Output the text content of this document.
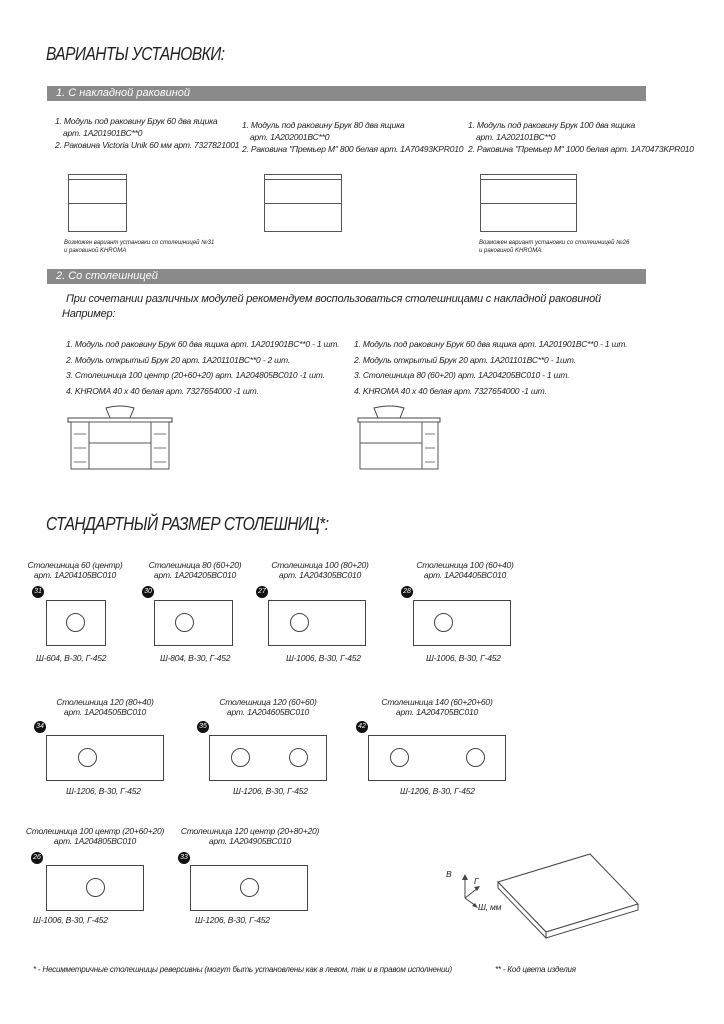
ВАРИАНТЫ УСТАНОВКИ:
1. С накладной раковиной
1. Модуль под раковину Брук 60 два ящика
арт. 1А201901ВС**0
2. Раковина Victoria Unik 60 мм арт. 7327821001
1. Модуль под раковину Брук 80 два ящика
арт. 1А202001ВС**0
2. Раковина "Премьер М" 800 белая арт. 1А70493KPR010
1. Модуль под раковину Брук 100 два ящика
арт. 1А202101ВС**0
2. Раковина "Премьер М" 1000 белая арт. 1А70473KPR010
Возможен вариант установки со столешницей №31
и раковиной KHROMA
Возможен вариант установки со столешницей №26
и раковиной KHROMA.
2. Со столешницей
При сочетании различных модулей рекомендуем воспользоваться столешницами с накладной раковиной
Например:
1. Модуль под раковину Брук 60 два ящика арт. 1А201901ВС**0 - 1 шт.
2. Модуль открытый Брук 20 арт. 1А201101ВС**0 - 2 шт.
3. Столешница 100 центр (20+60+20) арт. 1А204805ВС010 -1 шт.
4. KHROMA 40 х 40 белая арт. 7327654000 -1 шт.
1. Модуль под раковину Брук 60 два ящика арт. 1А201901ВС**0 - 1 шт.
2. Модуль открытый Брук 20 арт. 1А201101ВС**0 - 1шт.
3. Столешница 80 (60+20) арт. 1А204205ВС010 - 1 шт.
4. KHROMA 40 х 40 белая арт. 7327654000 -1 шт.
СТАНДАРТНЫЙ РАЗМЕР СТОЛЕШНИЦ*:
Столешница 60 (центр)
арт. 1А204105ВС010
31
Ш-604, В-30, Г-452
Столешница 80 (60+20)
арт. 1А204205ВС010
30
Ш-804, В-30, Г-452
Столешница 100 (80+20)
арт. 1А204305ВС010
27
Ш-1006, В-30, Г-452
Столешница 100 (60+40)
арт. 1А204405ВС010
28
Ш-1006, В-30, Г-452
Столешница 120 (80+40)
арт. 1А204505ВС010
34
Ш-1206, В-30, Г-452
Столешница 120 (60+60)
арт. 1А204605ВС010
35
Ш-1206, В-30, Г-452
Столешница 140 (60+20+60)
арт. 1А204705ВС010
42
Ш-1206, В-30, Г-452
Столешница 100 центр (20+60+20)
арт. 1А204805ВС010
26
Ш-1006, В-30, Г-452
Столешница 120 центр (20+80+20)
арт. 1А204905ВС010
33
Ш-1206, В-30, Г-452
В
Г
Ш, мм
* - Несимметричные столешницы реверсивны (могут быть установлены как в левом, так и в правом исполнении)	** - Код цвета изделия
